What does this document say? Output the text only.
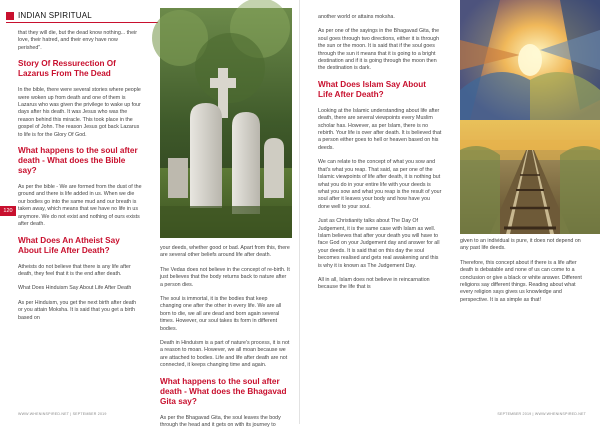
INDIAN SPIRITUAL

that they will die, but the dead know nothing... their love, their hatred, and their envy have now perished".

Story Of Ressurection Of Lazarus From The Dead

In the bible, there were several stories where people were woken up from death and one of them is Lazarus who was given the privilege to wake up four days after his death. It was Jesus who was the reason behind this miracle. This took place in the gospel of John. The reason Jesus got back Lazarus to life is for the Glory Of God.

What happens to the soul after death - What does the Bible say?

As per the bible - We are formed from the dust of the ground and there is life added in us. When we die our bodies go into the same mud and our breath is taken away, which means that we have no life in us anymore. We do not exist and nothing of ours exists after death.

What Does An Atheist Say About Life After Death?

Atheists do not believe that there is any life after death, they feel that it is the end after death.

What Does Hinduism Say About Life After Death

As per Hinduism, you get the next birth after death or you attain Moksha. It is said that you get a birth based on

120

your deeds, whether good or bad. Apart from this, there are several other beliefs around life after death.

The Vedas does not believe in the concept of re-birth. It just believes that the body returns back to nature after a person dies.

The soul is immortal, it is the bodies that keep changing one after the other in every life. We are all born to die, we all are dead and born again several times. However, our soul takes its form in different bodies.

Death in Hinduism is a part of nature's process, it is not a reason to moan. However, we all moan because we are attached to bodies. Life and life after death are not connected, it keeps changing time and again.

What happens to the soul after death - What does the Bhagavad Gita say?

As per the Bhagavad Gita, the soul leaves the body through the head and it gets on with its journey to

WWW.WHENINSPIRED.NET | SEPTEMBER 2019

another world or attains moksha.

As per one of the sayings in the Bhagavad Gita, the soul goes through two directions, either it is through the sun or the moon. It is said that if the soul goes through the sun it means that it is going to a bright destination and if it is going through the moon then the destination is dark.

What Does Islam Say About Life After Death?

Looking at the Islamic understanding about life after death, there are several viewpoints every Muslim scholar has. However, as per Islam, there is no rebirth. Your life is over after death. It is believed that a person either goes to hell or heaven based on his deeds.

We can relate to the concept of what you sow and that's what you reap. That said, as per one of the Islamic viewpoints of life after death, it is nothing but what you do in your entire life with your deeds is what you sow and what you reap is the result of your soul after it leaves your body and how have you done well to your soul.

Just as Christianity talks about The Day Of Judgement, it is the same case with Islam as well. Islam believes that after your death you will have to face God on your Judgement day and answer for all your deeds. It is said that on this day the soul becomes realised and gets real awakening and this is why it is known as The Judgement Day.

All in all, Islam does not believe in reincarnation because the life that is

given to an individual is pure, it does not depend on any past life deeds.

Therefore, this concept about if there is a life after death is debatable and none of us can come to a conclusion or give a black or white answer. Different religions say different things. Reading about what every religion says gives us knowledge and perspective. It is as simple as that!

SEPTEMBER 2019 | WWW.WHENINSPIRED.NET
